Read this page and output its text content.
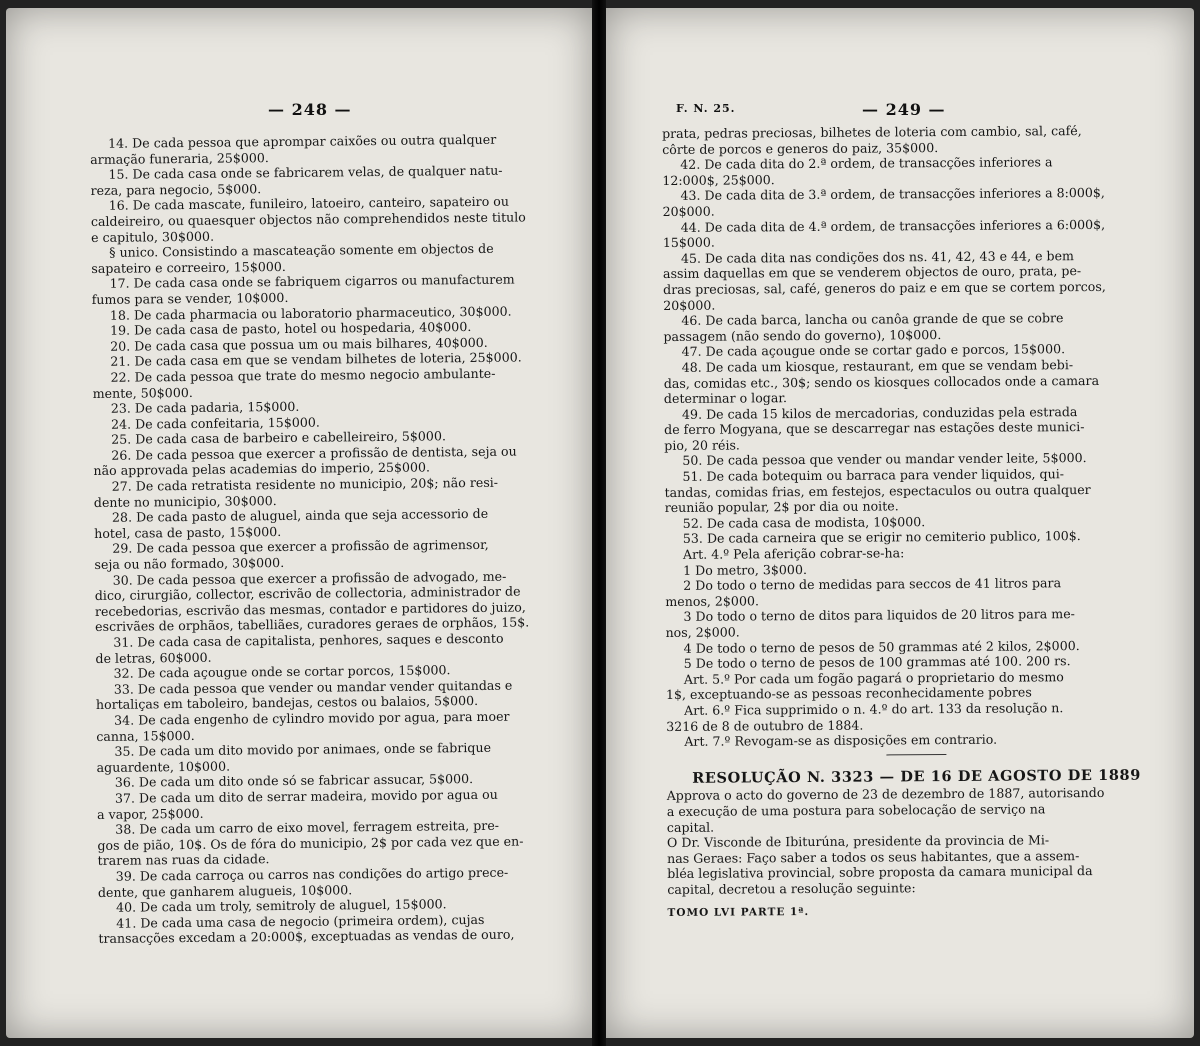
— 248 —
14. De cada pessoa que aprompar caixões ou outra qualquer
armação funeraria, 25$000.
15. De cada casa onde se fabricarem velas, de qualquer natu-
reza, para negocio, 5$000.
16. De cada mascate, funileiro, latoeiro, canteiro, sapateiro ou
caldeireiro, ou quaesquer objectos não comprehendidos neste titulo
e capitulo, 30$000.
§ unico. Consistindo a mascateação somente em objectos de
sapateiro e correeiro, 15$000.
17. De cada casa onde se fabriquem cigarros ou manufacturem
fumos para se vender, 10$000.
18. De cada pharmacia ou laboratorio pharmaceutico, 30$000.
19. De cada casa de pasto, hotel ou hospedaria, 40$000.
20. De cada casa que possua um ou mais bilhares, 40$000.
21. De cada casa em que se vendam bilhetes de loteria, 25$000.
22. De cada pessoa que trate do mesmo negocio ambulante-
mente, 50$000.
23. De cada padaria, 15$000.
24. De cada confeitaria, 15$000.
25. De cada casa de barbeiro e cabelleireiro, 5$000.
26. De cada pessoa que exercer a profissão de dentista, seja ou
não approvada pelas academias do imperio, 25$000.
27. De cada retratista residente no municipio, 20$; não resi-
dente no municipio, 30$000.
28. De cada pasto de aluguel, ainda que seja accessorio de
hotel, casa de pasto, 15$000.
29. De cada pessoa que exercer a profissão de agrimensor,
seja ou não formado, 30$000.
30. De cada pessoa que exercer a profissão de advogado, me-
dico, cirurgião, collector, escrivão de collectoria, administrador de
recebedorias, escrivão das mesmas, contador e partidores do juizo,
escrivães de orphãos, tabelliães, curadores geraes de orphãos, 15$.
31. De cada casa de capitalista, penhores, saques e desconto
de letras, 60$000.
32. De cada açougue onde se cortar porcos, 15$000.
33. De cada pessoa que vender ou mandar vender quitandas e
hortaliças em taboleiro, bandejas, cestos ou balaios, 5$000.
34. De cada engenho de cylindro movido por agua, para moer
canna, 15$000.
35. De cada um dito movido por animaes, onde se fabrique
aguardente, 10$000.
36. De cada um dito onde só se fabricar assucar, 5$000.
37. De cada um dito de serrar madeira, movido por agua ou
a vapor, 25$000.
38. De cada um carro de eixo movel, ferragem estreita, pre-
gos de pião, 10$. Os de fóra do municipio, 2$ por cada vez que en-
trarem nas ruas da cidade.
39. De cada carroça ou carros nas condições do artigo prece-
dente, que ganharem alugueis, 10$000.
40. De cada um troly, semitroly de aluguel, 15$000.
41. De cada uma casa de negocio (primeira ordem), cujas
transacções excedam a 20:000$, exceptuadas as vendas de ouro,
F. N. 25.	— 249 —
prata, pedras preciosas, bilhetes de loteria com cambio, sal, café,
côrte de porcos e generos do paiz, 35$000.
42. De cada dita do 2.ª ordem, de transacções inferiores a
12:000$, 25$000.
43. De cada dita de 3.ª ordem, de transacções inferiores a 8:000$,
20$000.
44. De cada dita de 4.ª ordem, de transacções inferiores a 6:000$,
15$000.
45. De cada dita nas condições dos ns. 41, 42, 43 e 44, e bem
assim daquellas em que se venderem objectos de ouro, prata, pe-
dras preciosas, sal, café, generos do paiz e em que se cortem porcos,
20$000.
46. De cada barca, lancha ou canôa grande de que se cobre
passagem (não sendo do governo), 10$000.
47. De cada açougue onde se cortar gado e porcos, 15$000.
48. De cada um kiosque, restaurant, em que se vendam bebi-
das, comidas etc., 30$; sendo os kiosques collocados onde a camara
determinar o logar.
49. De cada 15 kilos de mercadorias, conduzidas pela estrada
de ferro Mogyana, que se descarregar nas estações deste munici-
pio, 20 réis.
50. De cada pessoa que vender ou mandar vender leite, 5$000.
51. De cada botequim ou barraca para vender liquidos, qui-
tandas, comidas frias, em festejos, espectaculos ou outra qualquer
reunião popular, 2$ por dia ou noite.
52. De cada casa de modista, 10$000.
53. De cada carneira que se erigir no cemiterio publico, 100$.
Art. 4.º Pela aferição cobrar-se-ha:
1 Do metro, 3$000.
2 Do todo o terno de medidas para seccos de 41 litros para
menos, 2$000.
3 Do todo o terno de ditos para liquidos de 20 litros para me-
nos, 2$000.
4 De todo o terno de pesos de 50 grammas até 2 kilos, 2$000.
5 De todo o terno de pesos de 100 grammas até 100. 200 rs.
Art. 5.º Por cada um fogão pagará o proprietario do mesmo
1$, exceptuando-se as pessoas reconhecidamente pobres
Art. 6.º Fica supprimido o n. 4.º do art. 133 da resolução n.
3216 de 8 de outubro de 1884.
Art. 7.º Revogam-se as disposições em contrario.
RESOLUÇÃO N. 3323 — DE 16 DE AGOSTO DE 1889
Approva o acto do governo de 23 de dezembro de 1887, autorisando
a execução de uma postura para sobelocação de serviço na
capital.
O Dr. Visconde de Ibiturúna, presidente da provincia de Mi-
nas Geraes: Faço saber a todos os seus habitantes, que a assem-
bléa legislativa provincial, sobre proposta da camara municipal da
capital, decretou a resolução seguinte:
TOMO LVI PARTE 1ª.
